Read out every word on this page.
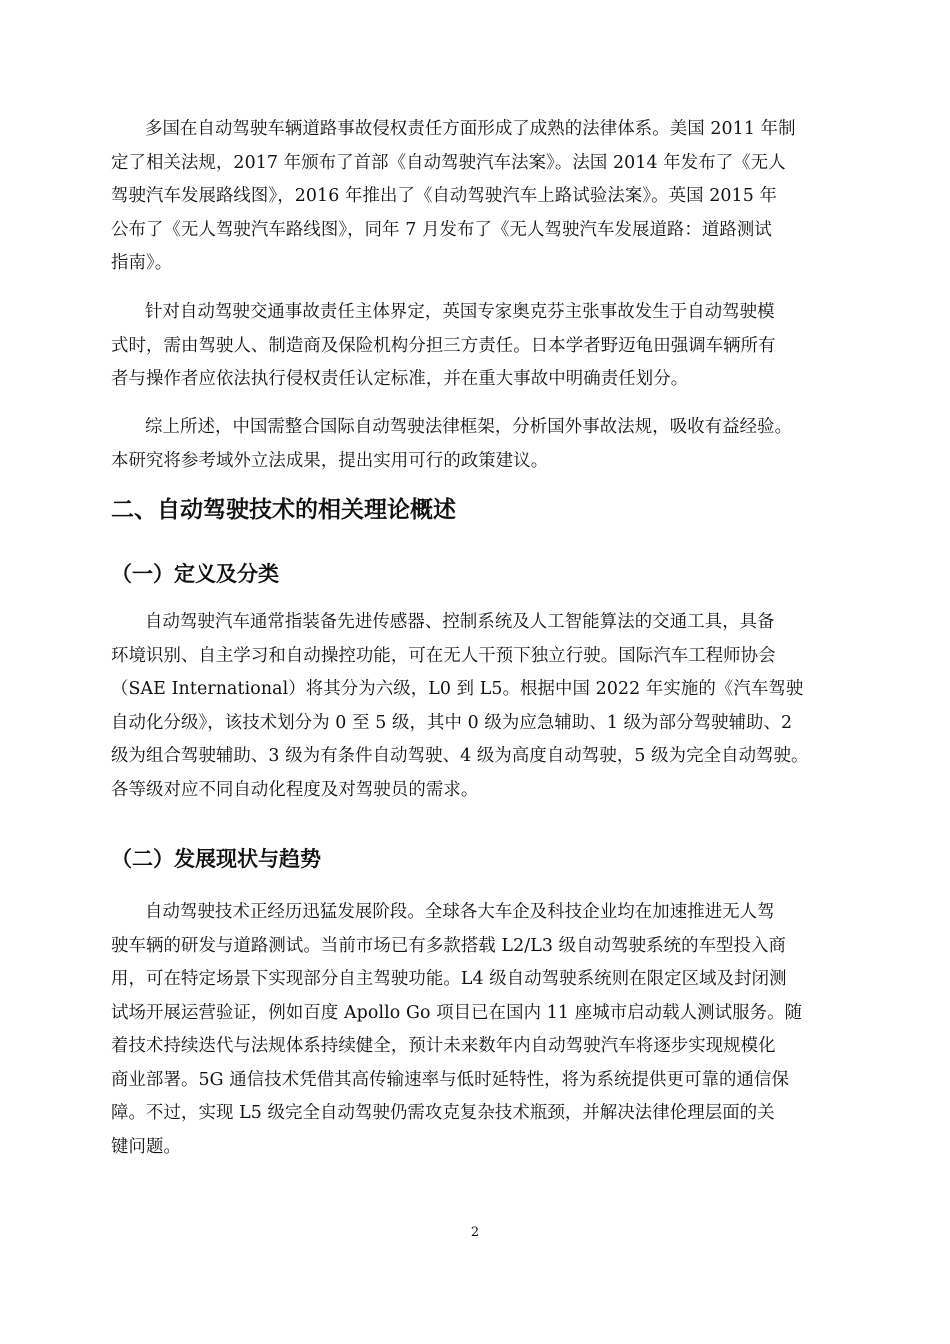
多国在自动驾驶车辆道路事故侵权责任方面形成了成熟的法律体系。美国 2011 年制
定了相关法规，2017 年颁布了首部《自动驾驶汽车法案》。法国 2014 年发布了《无人
驾驶汽车发展路线图》，2016 年推出了《自动驾驶汽车上路试验法案》。英国 2015 年
公布了《无人驾驶汽车路线图》，同年 7 月发布了《无人驾驶汽车发展道路：道路测试
指南》。
针对自动驾驶交通事故责任主体界定，英国专家奥克芬主张事故发生于自动驾驶模
式时，需由驾驶人、制造商及保险机构分担三方责任。日本学者野迈龟田强调车辆所有
者与操作者应依法执行侵权责任认定标准，并在重大事故中明确责任划分。
综上所述，中国需整合国际自动驾驶法律框架，分析国外事故法规，吸收有益经验。
本研究将参考域外立法成果，提出实用可行的政策建议。
二、自动驾驶技术的相关理论概述
（一）定义及分类
自动驾驶汽车通常指装备先进传感器、控制系统及人工智能算法的交通工具，具备
环境识别、自主学习和自动操控功能，可在无人干预下独立行驶。国际汽车工程师协会
（SAE International）将其分为六级，L0 到 L5。根据中国 2022 年实施的《汽车驾驶
自动化分级》，该技术划分为 0 至 5 级，其中 0 级为应急辅助、1 级为部分驾驶辅助、2
级为组合驾驶辅助、3 级为有条件自动驾驶、4 级为高度自动驾驶，5 级为完全自动驾驶。
各等级对应不同自动化程度及对驾驶员的需求。
（二）发展现状与趋势
自动驾驶技术正经历迅猛发展阶段。全球各大车企及科技企业均在加速推进无人驾
驶车辆的研发与道路测试。当前市场已有多款搭载 L2/L3 级自动驾驶系统的车型投入商
用，可在特定场景下实现部分自主驾驶功能。L4 级自动驾驶系统则在限定区域及封闭测
试场开展运营验证，例如百度 Apollo Go 项目已在国内 11 座城市启动载人测试服务。随
着技术持续迭代与法规体系持续健全，预计未来数年内自动驾驶汽车将逐步实现规模化
商业部署。5G 通信技术凭借其高传输速率与低时延特性，将为系统提供更可靠的通信保
障。不过，实现 L5 级完全自动驾驶仍需攻克复杂技术瓶颈，并解决法律伦理层面的关
键问题。
2
